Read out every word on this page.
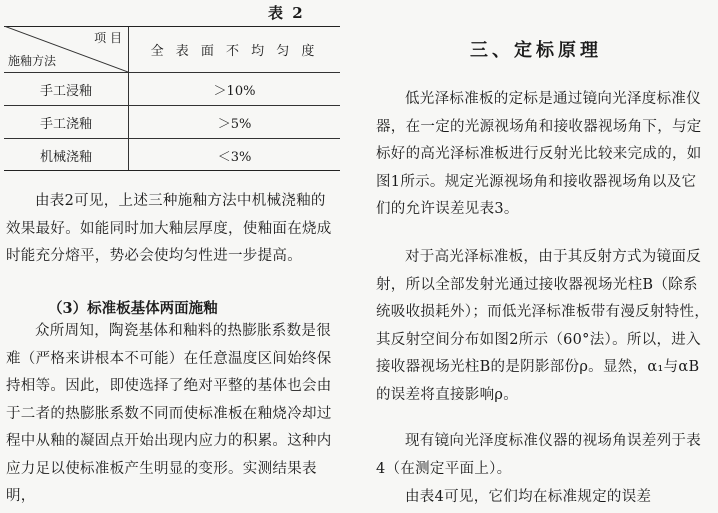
表 2
项 目
施釉方法	全 表 面 不 均 匀 度
手工浸釉	＞10%
手工浇釉	＞5%
机械浇釉	＜3%
由表2可见，上述三种施釉方法中机械浇釉的效果最好。如能同时加大釉层厚度，使釉面在烧成时能充分熔平，势必会使均匀性进一步提高。
（3）标准板基体两面施釉
众所周知，陶瓷基体和釉料的热膨胀系数是很难（严格来讲根本不可能）在任意温度区间始终保持相等。因此，即使选择了绝对平整的基体也会由于二者的热膨胀系数不同而使标准板在釉烧冷却过程中从釉的凝固点开始出现内应力的积累。这种内应力足以使标准板产生明显的变形。实测结果表明，
三、定标原理
低光泽标准板的定标是通过镜向光泽度标准仪器，在一定的光源视场角和接收器视场角下，与定标好的高光泽标准板进行反射光比较来完成的，如图1所示。规定光源视场角和接收器视场角以及它们的允许误差见表3。
对于高光泽标准板，由于其反射方式为镜面反射，所以全部发射光通过接收器视场光柱B（除系统吸收损耗外）；而低光泽标准板带有漫反射特性，其反射空间分布如图2所示（60°法）。所以，进入接收器视场光柱B的是阴影部份ρ。显然，α₁与αB的误差将直接影响ρ。
现有镜向光泽度标准仪器的视场角误差列于表4（在测定平面上）。
由表4可见，它们均在标准规定的误差
